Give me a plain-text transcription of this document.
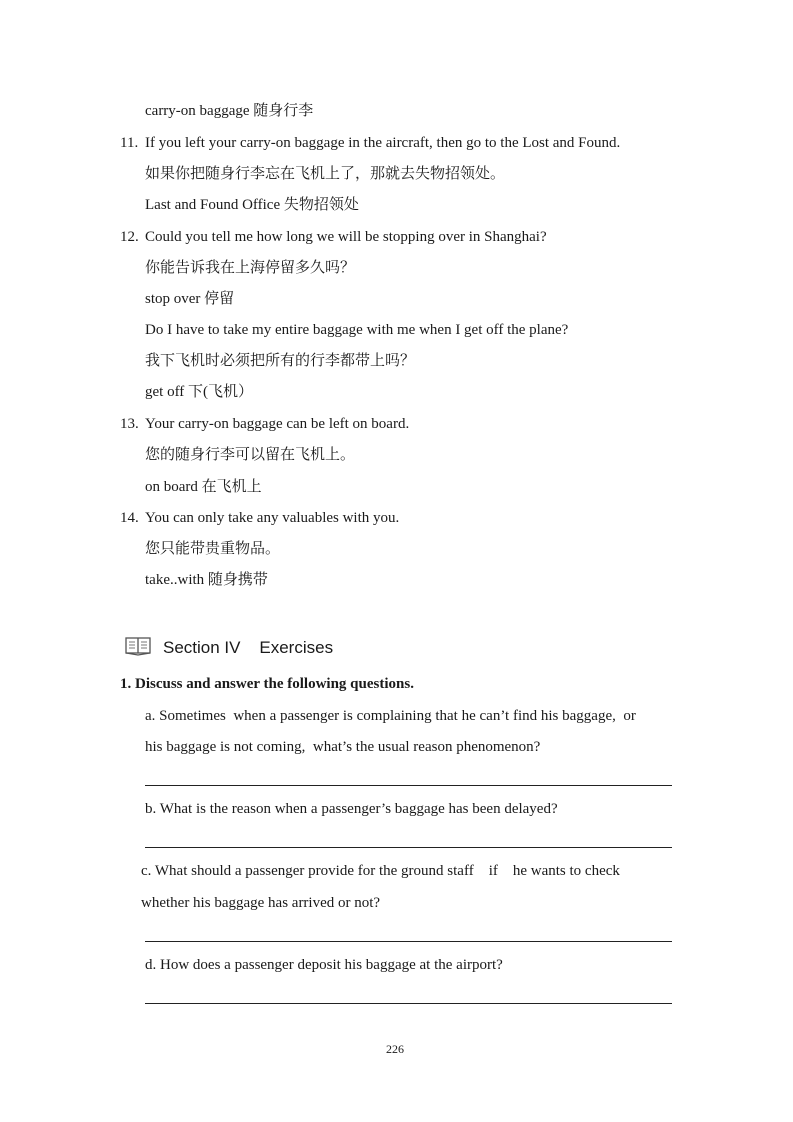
carry-on baggage 随身行李
11. If you left your carry-on baggage in the aircraft, then go to the Lost and Found.
如果你把随身行李忘在飞机上了，那就去失物招领处。
Last and Found Office 失物招领处
12. Could you tell me how long we will be stopping over in Shanghai?
你能告诉我在上海停留多久吗？
stop over 停留
Do I have to take my entire baggage with me when I get off the plane?
我下飞机时必须把所有的行李都带上吗？
get off 下(飞机）
13. Your carry-on baggage can be left on board.
您的随身行李可以留在飞机上。
on board 在飞机上
14. You can only take any valuables with you.
您只能带贵重物品。
take..with 随身携带
Section IV    Exercises
1. Discuss and answer the following questions.
a. Sometimes  when a passenger is complaining that he can’t find his baggage,  or
his baggage is not coming,  what’s the usual reason phenomenon?
b. What is the reason when a passenger’s baggage has been delayed?
c. What should a passenger provide for the ground staff    if    he wants to check
whether his baggage has arrived or not?
d. How does a passenger deposit his baggage at the airport?
226
